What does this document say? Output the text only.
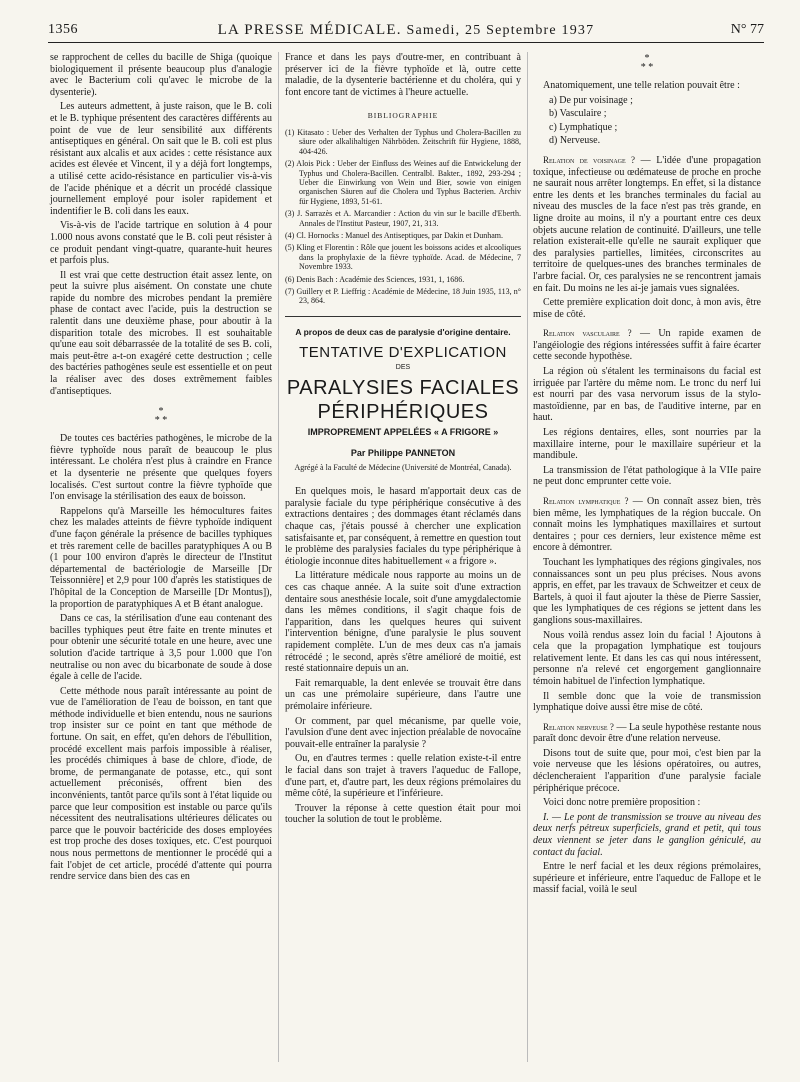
1356	LA PRESSE MÉDICALE. Samedi, 25 Septembre 1937	N° 77

se rapprochent de celles du bacille de Shiga (quoique biologiquement il présente beaucoup plus d'analogie avec le Bacterium coli qu'avec le microbe de la dysenterie).

Les auteurs admettent, à juste raison, que le B. coli et le B. typhique présentent des caractères différents au point de vue de leur sensibilité aux différents antiseptiques en général. On sait que le B. coli est plus résistant aux alcalis et aux acides : cette résistance aux acides est élevée et Vincent, il y a déjà fort longtemps, a utilisé cette acido-résistance en particulier vis-à-vis de l'acide phénique et a décrit un procédé classique journellement employé pour isoler rapidement et indentifier le B. coli dans les eaux.

Vis-à-vis de l'acide tartrique en solution à 4 pour 1.000 nous avons constaté que le B. coli peut résister à ce produit pendant vingt-quatre, quarante-huit heures et parfois plus.

Il est vrai que cette destruction était assez lente, on peut la suivre plus aisément. On constate une chute rapide du nombre des microbes pendant la première phase de contact avec l'acide, puis la destruction se ralentit dans une deuxième phase, pour aboutir à la disparition totale des microbes. Il est souhaitable qu'une eau soit débarrassée de la totalité de ses B. coli, mais peut-être a-t-on exagéré cette destruction ; celle des bactéries pathogènes seule est essentielle et on peut la réaliser avec des doses extrêmement faibles d'antiseptiques.

*
* *

De toutes ces bactéries pathogènes, le microbe de la fièvre typhoïde nous paraît de beaucoup le plus intéressant. Le choléra n'est plus à craindre en France et la dysenterie ne présente que quelques foyers localisés. C'est surtout contre la fièvre typhoïde que l'on envisage la stérilisation des eaux de boisson.

Rappelons qu'à Marseille les hémocultures faites chez les malades atteints de fièvre typhoïde indiquent d'une façon générale la présence de bacilles typhiques et très rarement celle de bacilles paratyphiques A ou B (1 pour 100 environ d'après le directeur de l'Institut départemental de bactériologie de Marseille [Dr Teissonnière] et 2,9 pour 100 d'après les statistiques de l'hôpital de la Conception de Marseille [Dr Montus]), la proportion de paratyphiques A et B étant analogue.

Dans ce cas, la stérilisation d'une eau contenant des bacilles typhiques peut être faite en trente minutes et pour obtenir une sécurité totale en une heure, avec une solution d'acide tartrique à 3,5 pour 1.000 que l'on neutralise ou non avec du bicarbonate de soude à dose égale à celle de l'acide.

Cette méthode nous paraît intéressante au point de vue de l'amélioration de l'eau de boisson, en tant que méthode individuelle et bien entendu, nous ne saurions trop insister sur ce point en tant que méthode de fortune. On sait, en effet, qu'en dehors de l'ébullition, procédé excellent mais parfois impossible à réaliser, les procédés chimiques à base de chlore, d'iode, de brome, de permanganate de potasse, etc., qui sont actuellement préconisés, offrent bien des inconvénients, tantôt parce qu'ils sont à l'état liquide ou parce que leur composition est instable ou parce qu'ils nécessitent des neutralisations ultérieures délicates ou parce que le pouvoir bactéricide des doses employées est trop proche des doses toxiques, etc. C'est pourquoi nous nous permettons de mentionner le procédé qui a fait l'objet de cet article, procédé d'attente qui pourra rendre service dans bien des cas en

France et dans les pays d'outre-mer, en contribuant à préserver ici de la fièvre typhoïde et là, outre cette maladie, de la dysenterie bactérienne et du choléra, qui y font encore tant de victimes à l'heure actuelle.

BIBLIOGRAPHIE
(1) Kitasato : Ueber des Verhalten der Typhus und Cholera-Bacillen zu säure oder alkalihaltigen Nährböden. Zeitschrift für Hygiene, 1888, 404-426.
(2) Alois Pick : Ueber der Einfluss des Weines auf die Entwickelung der Typhus und Cholera-Bacillen. Centralbl. Bakter., 1892, 293-294 ; Ueber die Einwirkung von Wein und Bier, sowie von einigen organischen Säuren auf die Cholera und Typhus Bacterien. Archiv für Hygiene, 1893, 51-61.
(3) J. Sarrazès et A. Marcandier : Action du vin sur le bacille d'Eberth. Annales de l'Institut Pasteur, 1907, 21, 313.
(4) Cl. Hornocks : Manuel des Antiseptiques, par Dakin et Dunham.
(5) Kling et Florentin : Rôle que jouent les boissons acides et alcooliques dans la prophylaxie de la fièvre typhoïde. Acad. de Médecine, 7 Novembre 1933.
(6) Denis Bach : Académie des Sciences, 1931, 1, 1686.
(7) Guillery et P. Lieffrig : Académie de Médecine, 18 Juin 1935, 113, n° 23, 864.
A propos de deux cas de paralysie d'origine dentaire.
TENTATIVE D'EXPLICATION
DES
PARALYSIES FACIALES
PÉRIPHÉRIQUES
IMPROPREMENT APPELÉES « A FRIGORE »
Par Philippe PANNETON
Agrégé à la Faculté de Médecine (Université de Montréal, Canada).

En quelques mois, le hasard m'apportait deux cas de paralysie faciale du type périphérique consécutive à des extractions dentaires ; des dommages étant réclamés dans chaque cas, j'étais poussé à chercher une explication satisfaisante et, par conséquent, à remettre en question tout le problème des paralysies faciales du type périphérique à étiologie inconnue dites habituellement « a frigore ».

La littérature médicale nous rapporte au moins un de ces cas chaque année. A la suite soit d'une extraction dentaire sous anesthésie locale, soit d'une amygdalectomie dans les mêmes conditions, il s'agit chaque fois de l'apparition, dans les quelques heures qui suivent l'intervention bénigne, d'une paralysie le plus souvent rapidement complète. L'un de mes deux cas n'a jamais rétrocédé ; le second, après s'être amélioré de moitié, est resté stationnaire depuis un an.

Fait remarquable, la dent enlevée se trouvait être dans un cas une prémolaire supérieure, dans l'autre une prémolaire inférieure.

Or comment, par quel mécanisme, par quelle voie, l'avulsion d'une dent avec injection préalable de novocaïne pouvait-elle entraîner la paralysie ?

Ou, en d'autres termes : quelle relation existe-t-il entre le facial dans son trajet à travers l'aqueduc de Fallope, d'une part, et, d'autre part, les deux régions prémolaires du même côté, la supérieure et l'inférieure.

Trouver la réponse à cette question était pour moi toucher la solution de tout le problème.

*
* *

Anatomiquement, une telle relation pouvait être :

a) De pur voisinage ;
b) Vasculaire ;
c) Lymphatique ;
d) Nerveuse.

Relation de voisinage ? — L'idée d'une propagation toxique, infectieuse ou œdémateuse de proche en proche ne saurait nous arrêter longtemps. En effet, si la distance entre les dents et les branches terminales du facial au niveau des muscles de la face n'est pas très grande, en ligne droite au moins, il n'y a pourtant entre ces deux objets aucune relation de continuité. D'ailleurs, une telle relation existerait-elle qu'elle ne saurait expliquer que des paralysies partielles, limitées, circonscrites au territoire de quelques-unes des branches terminales de l'arbre facial. Or, ces paralysies ne se rencontrent jamais en fait. Du moins ne les ai-je jamais vues signalées.

Cette première explication doit donc, à mon avis, être mise de côté.

Relation vasculaire ? — Un rapide examen de l'angéiologie des régions intéressées suffit à faire écarter cette seconde hypothèse.

La région où s'étalent les terminaisons du facial est irriguée par l'artère du même nom. Le tronc du nerf lui est nourri par des vasa nervorum issus de la stylo-mastoïdienne, par en bas, de l'auditive interne, par en haut.

Les régions dentaires, elles, sont nourries par la maxillaire interne, pour le maxillaire supérieur et la mandibule.

La transmission de l'état pathologique à la VIIe paire ne peut donc emprunter cette voie.

Relation lymphatique ? — On connaît assez bien, très bien même, les lymphatiques de la région buccale. On connaît moins les lymphatiques maxillaires et surtout dentaires ; pour ces derniers, leur existence même est encore à démontrer.

Touchant les lymphatiques des régions gingivales, nos connaissances sont un peu plus précises. Nous avons appris, en effet, par les travaux de Schweitzer et ceux de Bartels, à quoi il faut ajouter la thèse de Pierre Sassier, que les lymphatiques de ces régions se jettent dans les ganglions sous-maxillaires.

Nous voilà rendus assez loin du facial ! Ajoutons à cela que la propagation lymphatique est toujours relativement lente. Et dans les cas qui nous intéressent, personne n'a relevé cet engorgement ganglionnaire témoin habituel de l'infection lymphatique.

Il semble donc que la voie de transmission lymphatique doive aussi être mise de côté.

Relation nerveuse ? — La seule hypothèse restante nous paraît donc devoir être d'une relation nerveuse.

Disons tout de suite que, pour moi, c'est bien par la voie nerveuse que les lésions opératoires, ou autres, déclencheraient l'apparition d'une paralysie faciale périphérique précoce.

Voici donc notre première proposition :

I. — Le pont de transmission se trouve au niveau des deux nerfs pétreux superficiels, grand et petit, qui tous deux viennent se jeter dans le ganglion géniculé, au contact du facial.

Entre le nerf facial et les deux régions prémolaires, supérieure et inférieure, entre l'aqueduc de Fallope et le massif facial, voilà le seul
